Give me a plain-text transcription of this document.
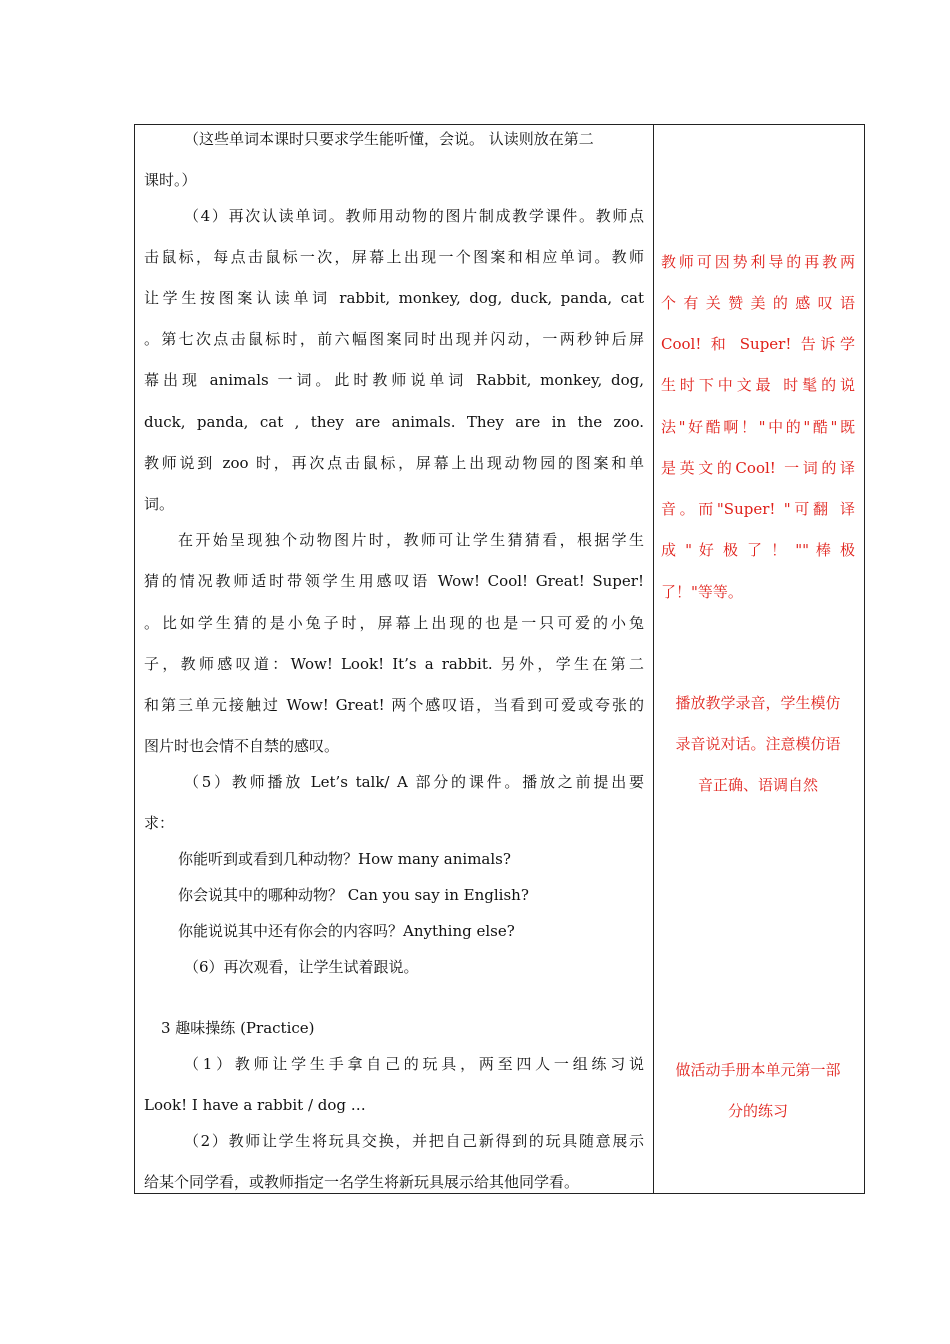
（这些单词本课时只要求学生能听懂，会说。 认读则放在第二
课时。）
（4）再次认读单词。教师用动物的图片制成教学课件。教师点
击鼠标，每点击鼠标一次，屏幕上出现一个图案和相应单词。教师
让学生按图案认读单词 rabbit, monkey, dog, duck, panda, cat
。第七次点击鼠标时，前六幅图案同时出现并闪动，一两秒钟后屏
幕出现 animals 一词。此时教师说单词 Rabbit, monkey, dog,
duck, panda, cat , they are animals. They are in the zoo.
教师说到 zoo 时，再次点击鼠标，屏幕上出现动物园的图案和单
词。
在开始呈现独个动物图片时，教师可让学生猜猜看，根据学生
猜的情况教师适时带领学生用感叹语 Wow! Cool! Great! Super!
。比如学生猜的是小兔子时，屏幕上出现的也是一只可爱的小兔
子，教师感叹道：Wow! Look! It’s a rabbit. 另外，学生在第二
和第三单元接触过 Wow! Great! 两个感叹语，当看到可爱或夸张的
图片时也会情不自禁的感叹。
（5）教师播放 Let’s talk/ A 部分的课件。播放之前提出要
求：
你能听到或看到几种动物？How many animals?
你会说其中的哪种动物？ Can you say in English?
你能说说其中还有你会的内容吗？Anything else?
（6）再次观看，让学生试着跟说。
3 趣味操练 (Practice)
（1）教师让学生手拿自己的玩具，两至四人一组练习说
Look! I have a rabbit / dog …
（2）教师让学生将玩具交换，并把自己新得到的玩具随意展示
给某个同学看，或教师指定一名学生将新玩具展示给其他同学看。
教师可因势利导的再教两
个有关赞美的感叹语
Cool! 和 Super! 告诉学
生时下中文最 时髦的说
法"好酷啊！"中的"酷"既
是英文的Cool! 一词的译
音。而"Super! "可翻 译
成 " 好 极 了 ！ "" 棒 极
了！"等等。
播放教学录音，学生模仿
录音说对话。注意模仿语
音正确、语调自然
做活动手册本单元第一部
分的练习
